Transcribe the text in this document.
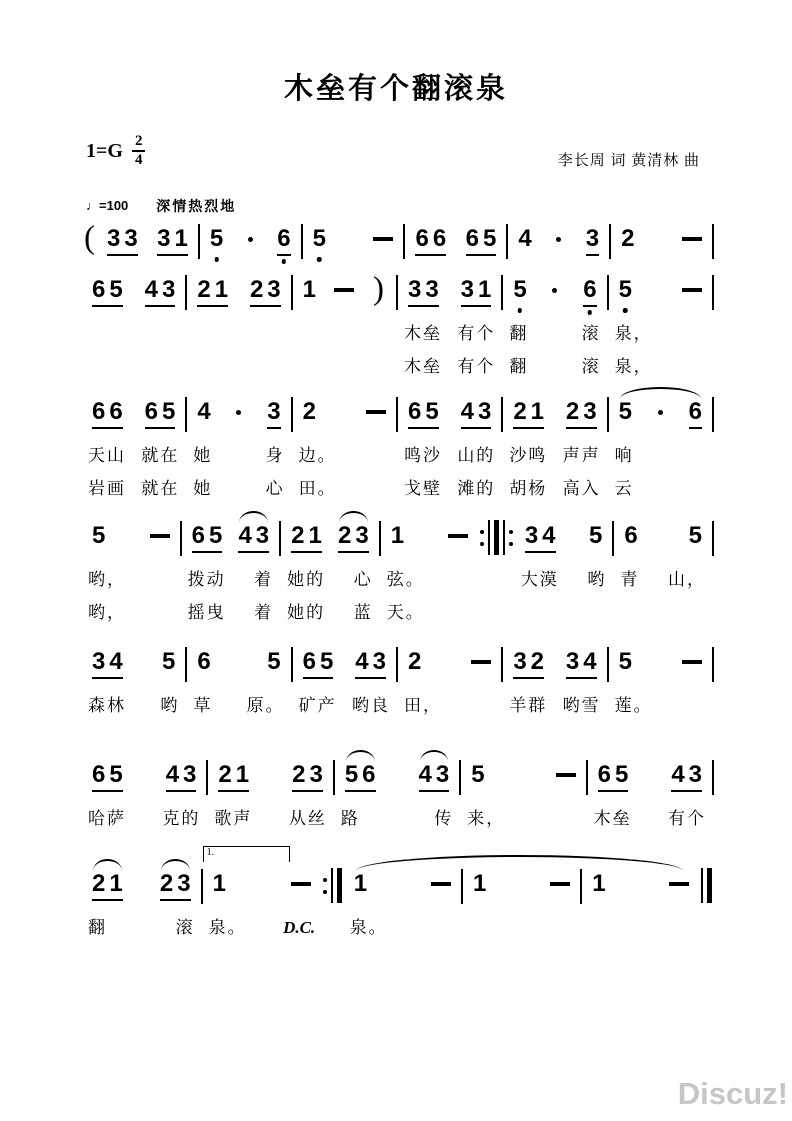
木垒有个翻滚泉
$1=G \frac{2}{4}$	李长周 词 黄清林 曲
♩=100 深情热烈地
( 3 3 3 1 5 6 5	6 6 6 5 4 3 2
6 5 4 3 2 1 2 3 1 ) 3 3 3 1
木垒 有个
木垒 有个
5 6
翻	滚
翻	滚
5
泉，
泉，
6 6 6 5
天山 就在
岩画 就在
4 3
她	身
她	心
2
边。
田。
6 5 4 3
鸣沙 山的
戈壁 滩的
2 1 2 3
沙鸣 声声
胡杨 高入
5 6
响
云
5
哟，
哟，
6 5 4 3
拨动 着
摇曳 着
2 1 2 3
她的 心
她的 蓝
1
弦。
天。
3 4 5
大漠 哟
6 5
青 山，
3 4 5
森林 哟
6 5
草 原。
6 5 4 3
矿产 哟良
2
田，
3 2 3 4
羊群 哟雪
5
莲。
6 5 4 3
哈萨 克的
2 1 2 3
歌声 从丝
5 6 4 3
路	传
5
来，
6 5 4 3
木垒 有个
2 1 2 3
翻	滚
1.
1
泉。 D.C.
1
泉。
1	1
Discuz!
